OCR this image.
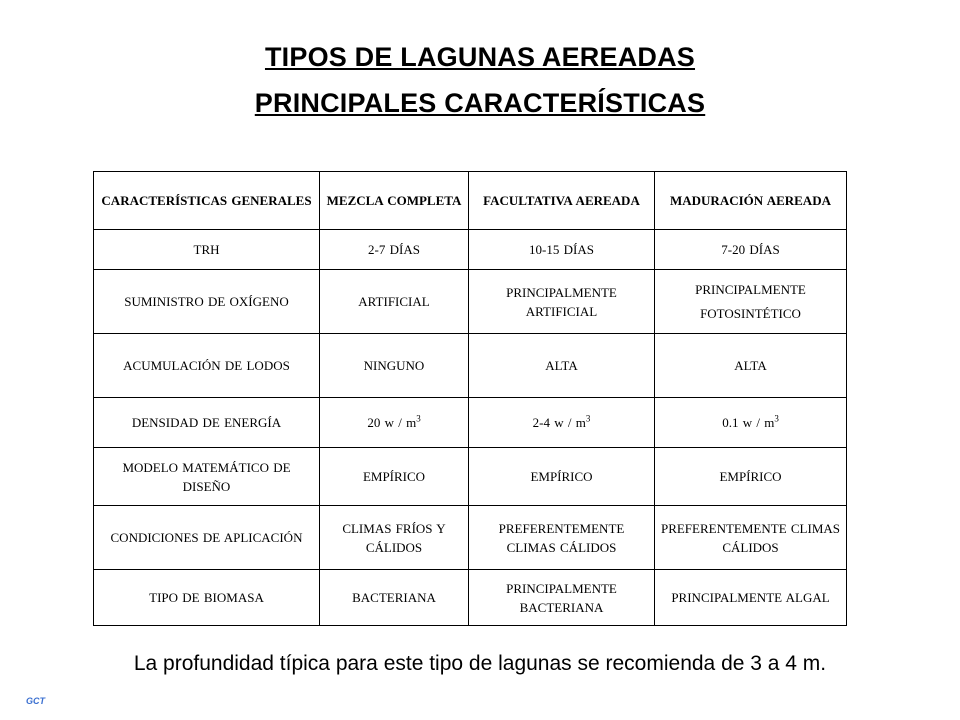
TIPOS DE LAGUNAS AEREADAS
PRINCIPALES CARACTERÍSTICAS
CARACTERÍSTICAS GENERALES	MEZCLA COMPLETA	FACULTATIVA AEREADA	MADURACIÓN AEREADA
TRH	2-7 DÍAS	10-15 DÍAS	7-20 DÍAS
SUMINISTRO DE OXÍGENO	ARTIFICIAL	PRINCIPALMENTE ARTIFICIAL	PRINCIPALMENTE FOTOSINTÉTICO
ACUMULACIÓN DE LODOS	NINGUNO	ALTA	ALTA
DENSIDAD DE ENERGÍA	20 w / $m^3$	2-4 w / $m^3$	0.1 w / $m^3$
MODELO MATEMÁTICO DE DISEÑO	EMPÍRICO	EMPÍRICO	EMPÍRICO
CONDICIONES DE APLICACIÓN	CLIMAS FRÍOS Y CÁLIDOS	PREFERENTEMENTE CLIMAS CÁLIDOS	PREFERENTEMENTE CLIMAS CÁLIDOS
TIPO DE BIOMASA	BACTERIANA	PRINCIPALMENTE BACTERIANA	PRINCIPALMENTE ALGAL
La profundidad típica para este tipo de lagunas se recomienda de 3 a 4 m.
GCT
